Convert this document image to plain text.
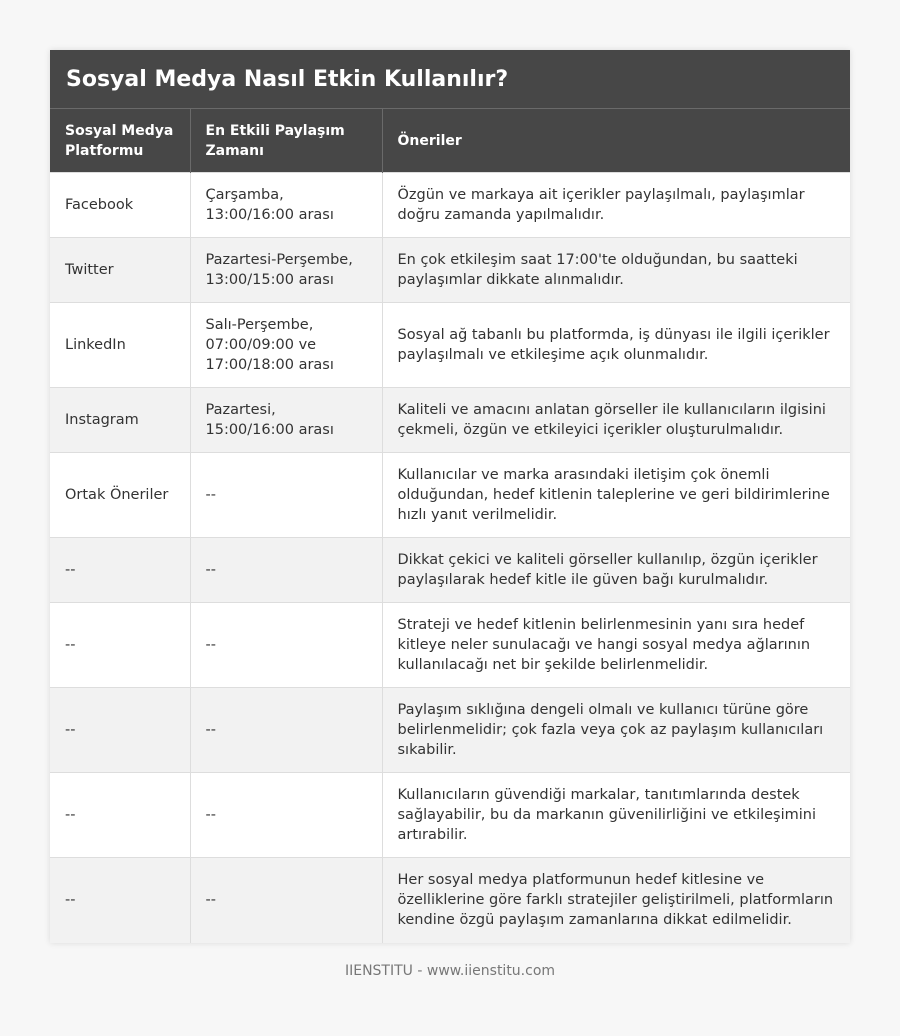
Sosyal Medya Nasıl Etkin Kullanılır?
Sosyal Medya Platformu	En Etkili Paylaşım Zamanı	Öneriler
Facebook	Çarşamba, 13:00/16:00 arası	Özgün ve markaya ait içerikler paylaşılmalı, paylaşımlar doğru zamanda yapılmalıdır.
Twitter	Pazartesi-Perşembe, 13:00/15:00 arası	En çok etkileşim saat 17:00'te olduğundan, bu saatteki paylaşımlar dikkate alınmalıdır.
LinkedIn	Salı-Perşembe, 07:00/09:00 ve 17:00/18:00 arası	Sosyal ağ tabanlı bu platformda, iş dünyası ile ilgili içerikler paylaşılmalı ve etkileşime açık olunmalıdır.
Instagram	Pazartesi, 15:00/16:00 arası	Kaliteli ve amacını anlatan görseller ile kullanıcıların ilgisini çekmeli, özgün ve etkileyici içerikler oluşturulmalıdır.
Ortak Öneriler	--	Kullanıcılar ve marka arasındaki iletişim çok önemli olduğundan, hedef kitlenin taleplerine ve geri bildirimlerine hızlı yanıt verilmelidir.
--	--	Dikkat çekici ve kaliteli görseller kullanılıp, özgün içerikler paylaşılarak hedef kitle ile güven bağı kurulmalıdır.
--	--	Strateji ve hedef kitlenin belirlenmesinin yanı sıra hedef kitleye neler sunulacağı ve hangi sosyal medya ağlarının kullanılacağı net bir şekilde belirlenmelidir.
--	--	Paylaşım sıklığına dengeli olmalı ve kullanıcı türüne göre belirlenmelidir; çok fazla veya çok az paylaşım kullanıcıları sıkabilir.
--	--	Kullanıcıların güvendiği markalar, tanıtımlarında destek sağlayabilir, bu da markanın güvenilirliğini ve etkileşimini artırabilir.
--	--	Her sosyal medya platformunun hedef kitlesine ve özelliklerine göre farklı stratejiler geliştirilmeli, platformların kendine özgü paylaşım zamanlarına dikkat edilmelidir.
IIENSTITU - www.iienstitu.com
